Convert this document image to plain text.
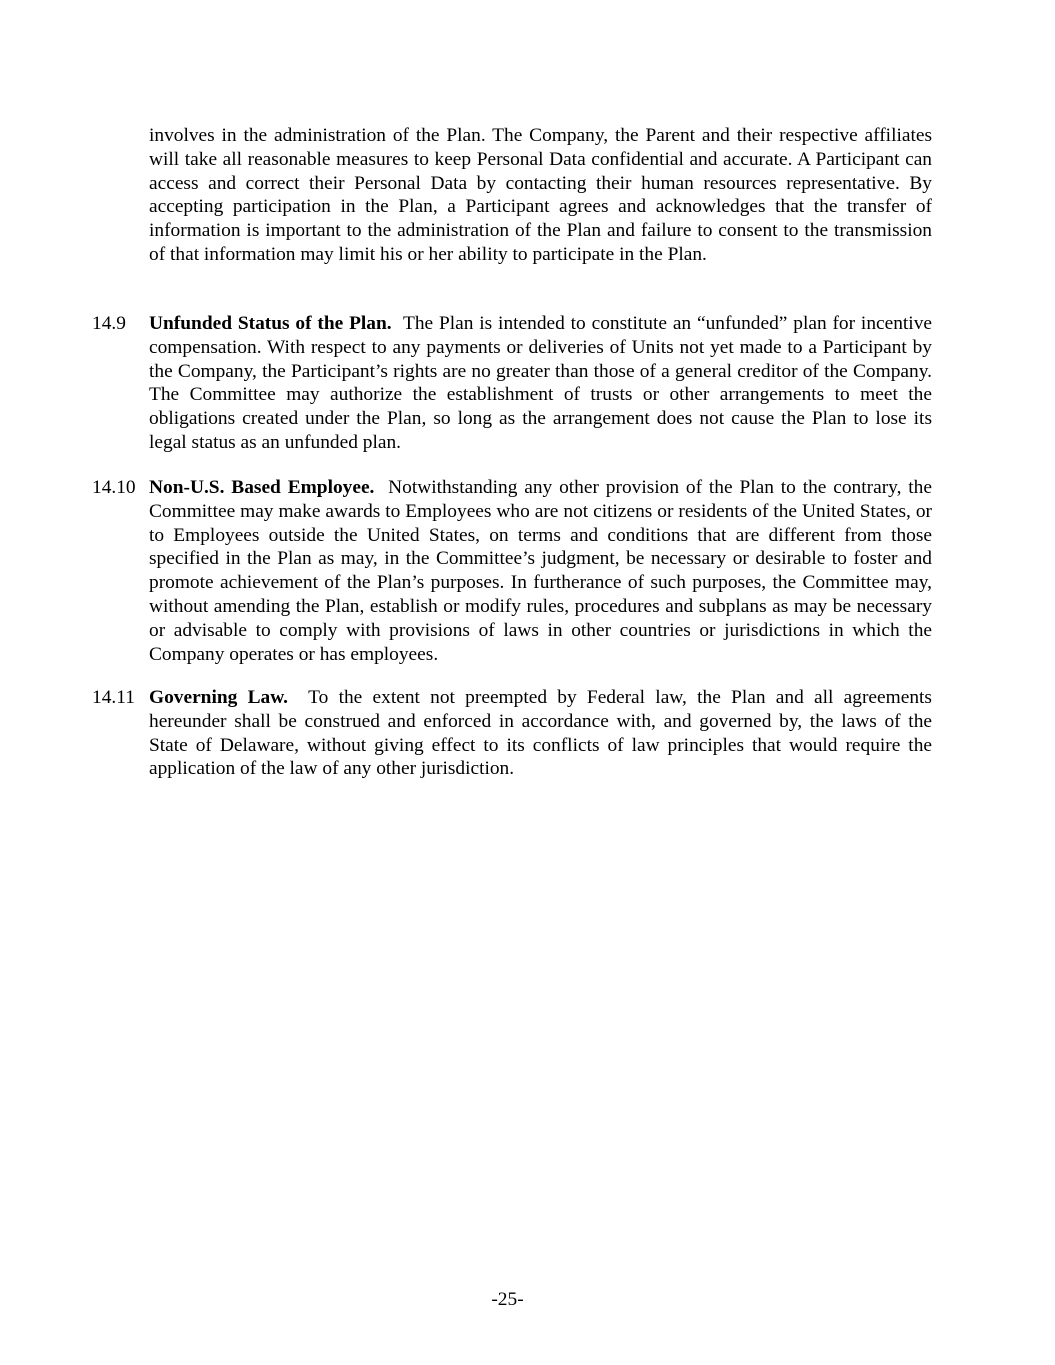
involves in the administration of the Plan. The Company, the Parent and their respective affiliates will take all reasonable measures to keep Personal Data confidential and accurate. A Participant can access and correct their Personal Data by contacting their human resources representative. By accepting participation in the Plan, a Participant agrees and acknowledges that the transfer of information is important to the administration of the Plan and failure to consent to the transmission of that information may limit his or her ability to participate in the Plan.

14.9 Unfunded Status of the Plan. The Plan is intended to constitute an “unfunded” plan for incentive compensation. With respect to any payments or deliveries of Units not yet made to a Participant by the Company, the Participant’s rights are no greater than those of a general creditor of the Company. The Committee may authorize the establishment of trusts or other arrangements to meet the obligations created under the Plan, so long as the arrangement does not cause the Plan to lose its legal status as an unfunded plan.
14.10 Non-U.S. Based Employee. Notwithstanding any other provision of the Plan to the contrary, the Committee may make awards to Employees who are not citizens or residents of the United States, or to Employees outside the United States, on terms and conditions that are different from those specified in the Plan as may, in the Committee’s judgment, be necessary or desirable to foster and promote achievement of the Plan’s purposes. In furtherance of such purposes, the Committee may, without amending the Plan, establish or modify rules, procedures and subplans as may be necessary or advisable to comply with provisions of laws in other countries or jurisdictions in which the Company operates or has employees.
14.11 Governing Law. To the extent not preempted by Federal law, the Plan and all agreements hereunder shall be construed and enforced in accordance with, and governed by, the laws of the State of Delaware, without giving effect to its conflicts of law principles that would require the application of the law of any other jurisdiction.
-25-
